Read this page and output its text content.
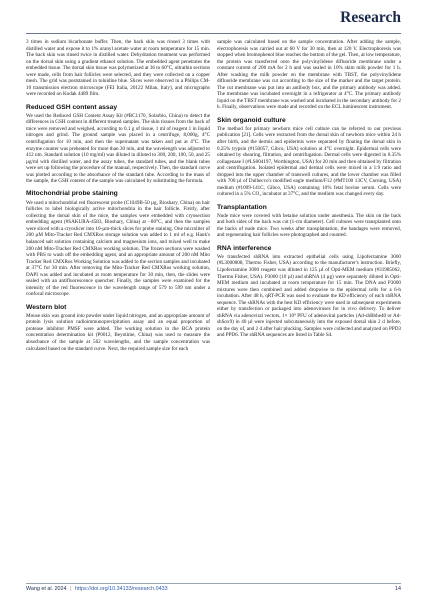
Research

3 times in sodium bicarbonate buffer. Then, the back skin was rinsed 3 times with distilled water and expose it to 1% uranyl acetate water at room temperature for 15 min. The back skin was rinsed twice in distilled water. Dehydration treatment was performed on the dorsal skin using a gradient ethanol solution. The embedded agent penetrates the embedded tissue. The dorsal skin tissue was polymerized at 36 to 60°C, ultrathin sections were made, cells from hair follicles were selected, and they were collected on a copper mesh. The grid was poststained in toluidine blue. Slices were observed in a Philips CM-10 transmission electron microscope (FEI Italia, 20122 Milan, Italy), and micrographs were recorded on Kodak 4489 film.

Reduced GSH content assay

We used the Reduced GSH Content Assay Kit (#BC1170, Solarbio, China) to detect the differences in GSH content in different treated samples. The skin tissues from the back of mice were removed and weighed, according to 0.1 g of tissue, 1 ml of reagent 1 in liquid nitrogen and grind. The ground sample was placed in a centrifuge, 8,000g, 4°C centrifugation for 10 min, and then the supernatant was taken and put at 4°C. The enzyme counter was preheated for more than 30 min, and the wavelength was adjusted to 412 nm. Standard solution (10 mg/ml) was diluted in diluted to 300, 200, 100, 50, and 25 µg/ml with distilled water, and the assay tubes, the standard tubes, and the blank tubes were set up following the procedure of the manual, respectively. Then, the standard curve was plotted according to the absorbance of the standard tube. According to the mass of the sample, the GSH content of the sample was calculated by substituting the formula.

Mitochondrial probe staining

We used a mitochondrial red fluorescent probe (C1049B-50 µg, Bioshary, China) on hair follicles to label biologically active mitochondria in the hair follicle. Firstly, after collecting the dorsal skin of the mice, the samples were embedded with cryosection embedding agent (#SAKURA-4583, Bioshary, China) at −80°C, and then the samples were sliced with a cryoslicer into 10-µm-thick slices for probe staining. One microliter of 200 µM Mito-Tracker Red CMXRos storage solution was added to 1 ml of e.g. Hank's balanced salt solution containing calcium and magnesium ions, and mixed well to make 200 nM Mito-Tracker Red CMXRos working solution. The frozen sections were washed with PBS to wash off the embedding agent, and an appropriate amount of 200 nM Mito Tracker Red CMXRos Working Solution was added to the section samples and incubated at 37°C for 30 min. After removing the Mito-Tracker Red CMXRos working solution, DAPI was added and incubated at room temperature for 30 min, then, the slides were sealed with an antifluorescence quencher. Finally, the samples were examined for the intensity of the red fluorescence in the wavelength range of 579 to 599 nm under a confocal microscope.

Western blot

Mouse skin was ground into powder under liquid nitrogen, and an appropriate amount of protein lysis solution radioimmunoprecipitation assay and an equal proportion of protease inhibitor PMSF were added. The working solution in the BCA protein concentration determination kit (P0012, Beyotime, China) was used to measure the absorbance of the sample at 562 wavelengths, and the sample concentration was calculated based on the standard curve. Next, the required sample size for each

sample was calculated based on the sample concentration. After adding the sample, electrophoresis was carried out at 60 V for 30 min, then at 120 V. Electrophoresis was stopped when bromophenol blue reaches the bottom of the gel. Then, at low temperature, the protein was transferred onto the polyvinylidene difluoride membrane under a constant current of 200 mA for 2 h and was sealed in 10% skim milk powder for 1 h. After washing the milk powder on the membrane with TBST, the polyvinylidene difluoride membrane was cut according to the size of the marker and the target protein. The cut membrane was put into an antibody box, and the primary antibody was added. The membrane was incubated overnight in a refrigerator at 4°C. The primary antibody liquid on the TBST membrane was washed and incubated in the secondary antibody for 2 h. Finally, observations were made and recorded on the ECL luminescent instrument.

Skin organoid culture

The method for primary newborn mice cell culture can be referred to our previous publication [21]. Cells were extracted from the dorsal skin of newborn mice within 24 h after birth, and the dermis and epidermis were separated by floating the dorsal skin in 0.25% trypsin (#150057, Gibco, USA) solution at 4°C overnight. Epidermal cells were obtained by shearing, filtration, and centrifugation. Dermal cells were digested in 0.35% collagenase I (#LS004197, Worthington, USA) for 20 min and then obtained by filtration and centrifugation. Isolated epidermal and dermal cells were mixed in a 1:9 ratio and dropped into the upper chamber of transwell cultures, and the lower chamber was filled with 700 µl of Dulbecco's modified eagle medium/F12 (#MT100 13CV, Corning, USA) medium (#1099-141C, Gibco, USA) containing 10% fetal bovine serum. Cells were cultured in a 5% CO₂ incubator at 37°C, and the medium was changed every day.

Transplantation

Nude mice were covered with betaine solution under anesthesia. The skin on the back and both sides of the back was cut (1-cm diameter). Cell cultures were transplanted onto the backs of nude mice. Two weeks after transplantation, the bandages were removed, and regenerating hair follicles were photographed and counted.

RNA interference

We transfected shRNA into extracted epithelial cells using Lipofectamine 3000 (#L3000008, Thermo Fisher, USA) according to the manufacturer's instruction. Briefly, Lipofectamine 3000 reagent was diluted in 125 µl of Opti-MEM medium (#31985062, Thermo Fisher, USA). P3000 (10 µl) and shRNA (4 µg) were separately diluted in Opti-MEM medium and incubated at room temperature for 15 min. The DNA and P3000 mixtures were then combined and added dropwise to the epidermal cells for a 6-h incubation. After 48 h, qRT-PCR was used to evaluate the KD efficiency of each shRNA sequence. The shRNAs with the best KD efficiency were used in subsequent experiments either by transfection or packaged into adenoviruses for in vivo delivery. To deliver shRNA via adenoviral vectors, 1× 10⁹ PFU of adenoviral particles (Ad-shBbhe40 or Ad-shSox9) in 40 µl were injected subcutaneously into the exposed dorsal skin 2 d before, on the day of, and 2 d after hair plucking. Samples were collected and analyzed on PPD3 and PPD6. The shRNA sequences are listed in Table S4.

Wang et al. 2024 | https://doi.org/10.34133/research.0433	14
